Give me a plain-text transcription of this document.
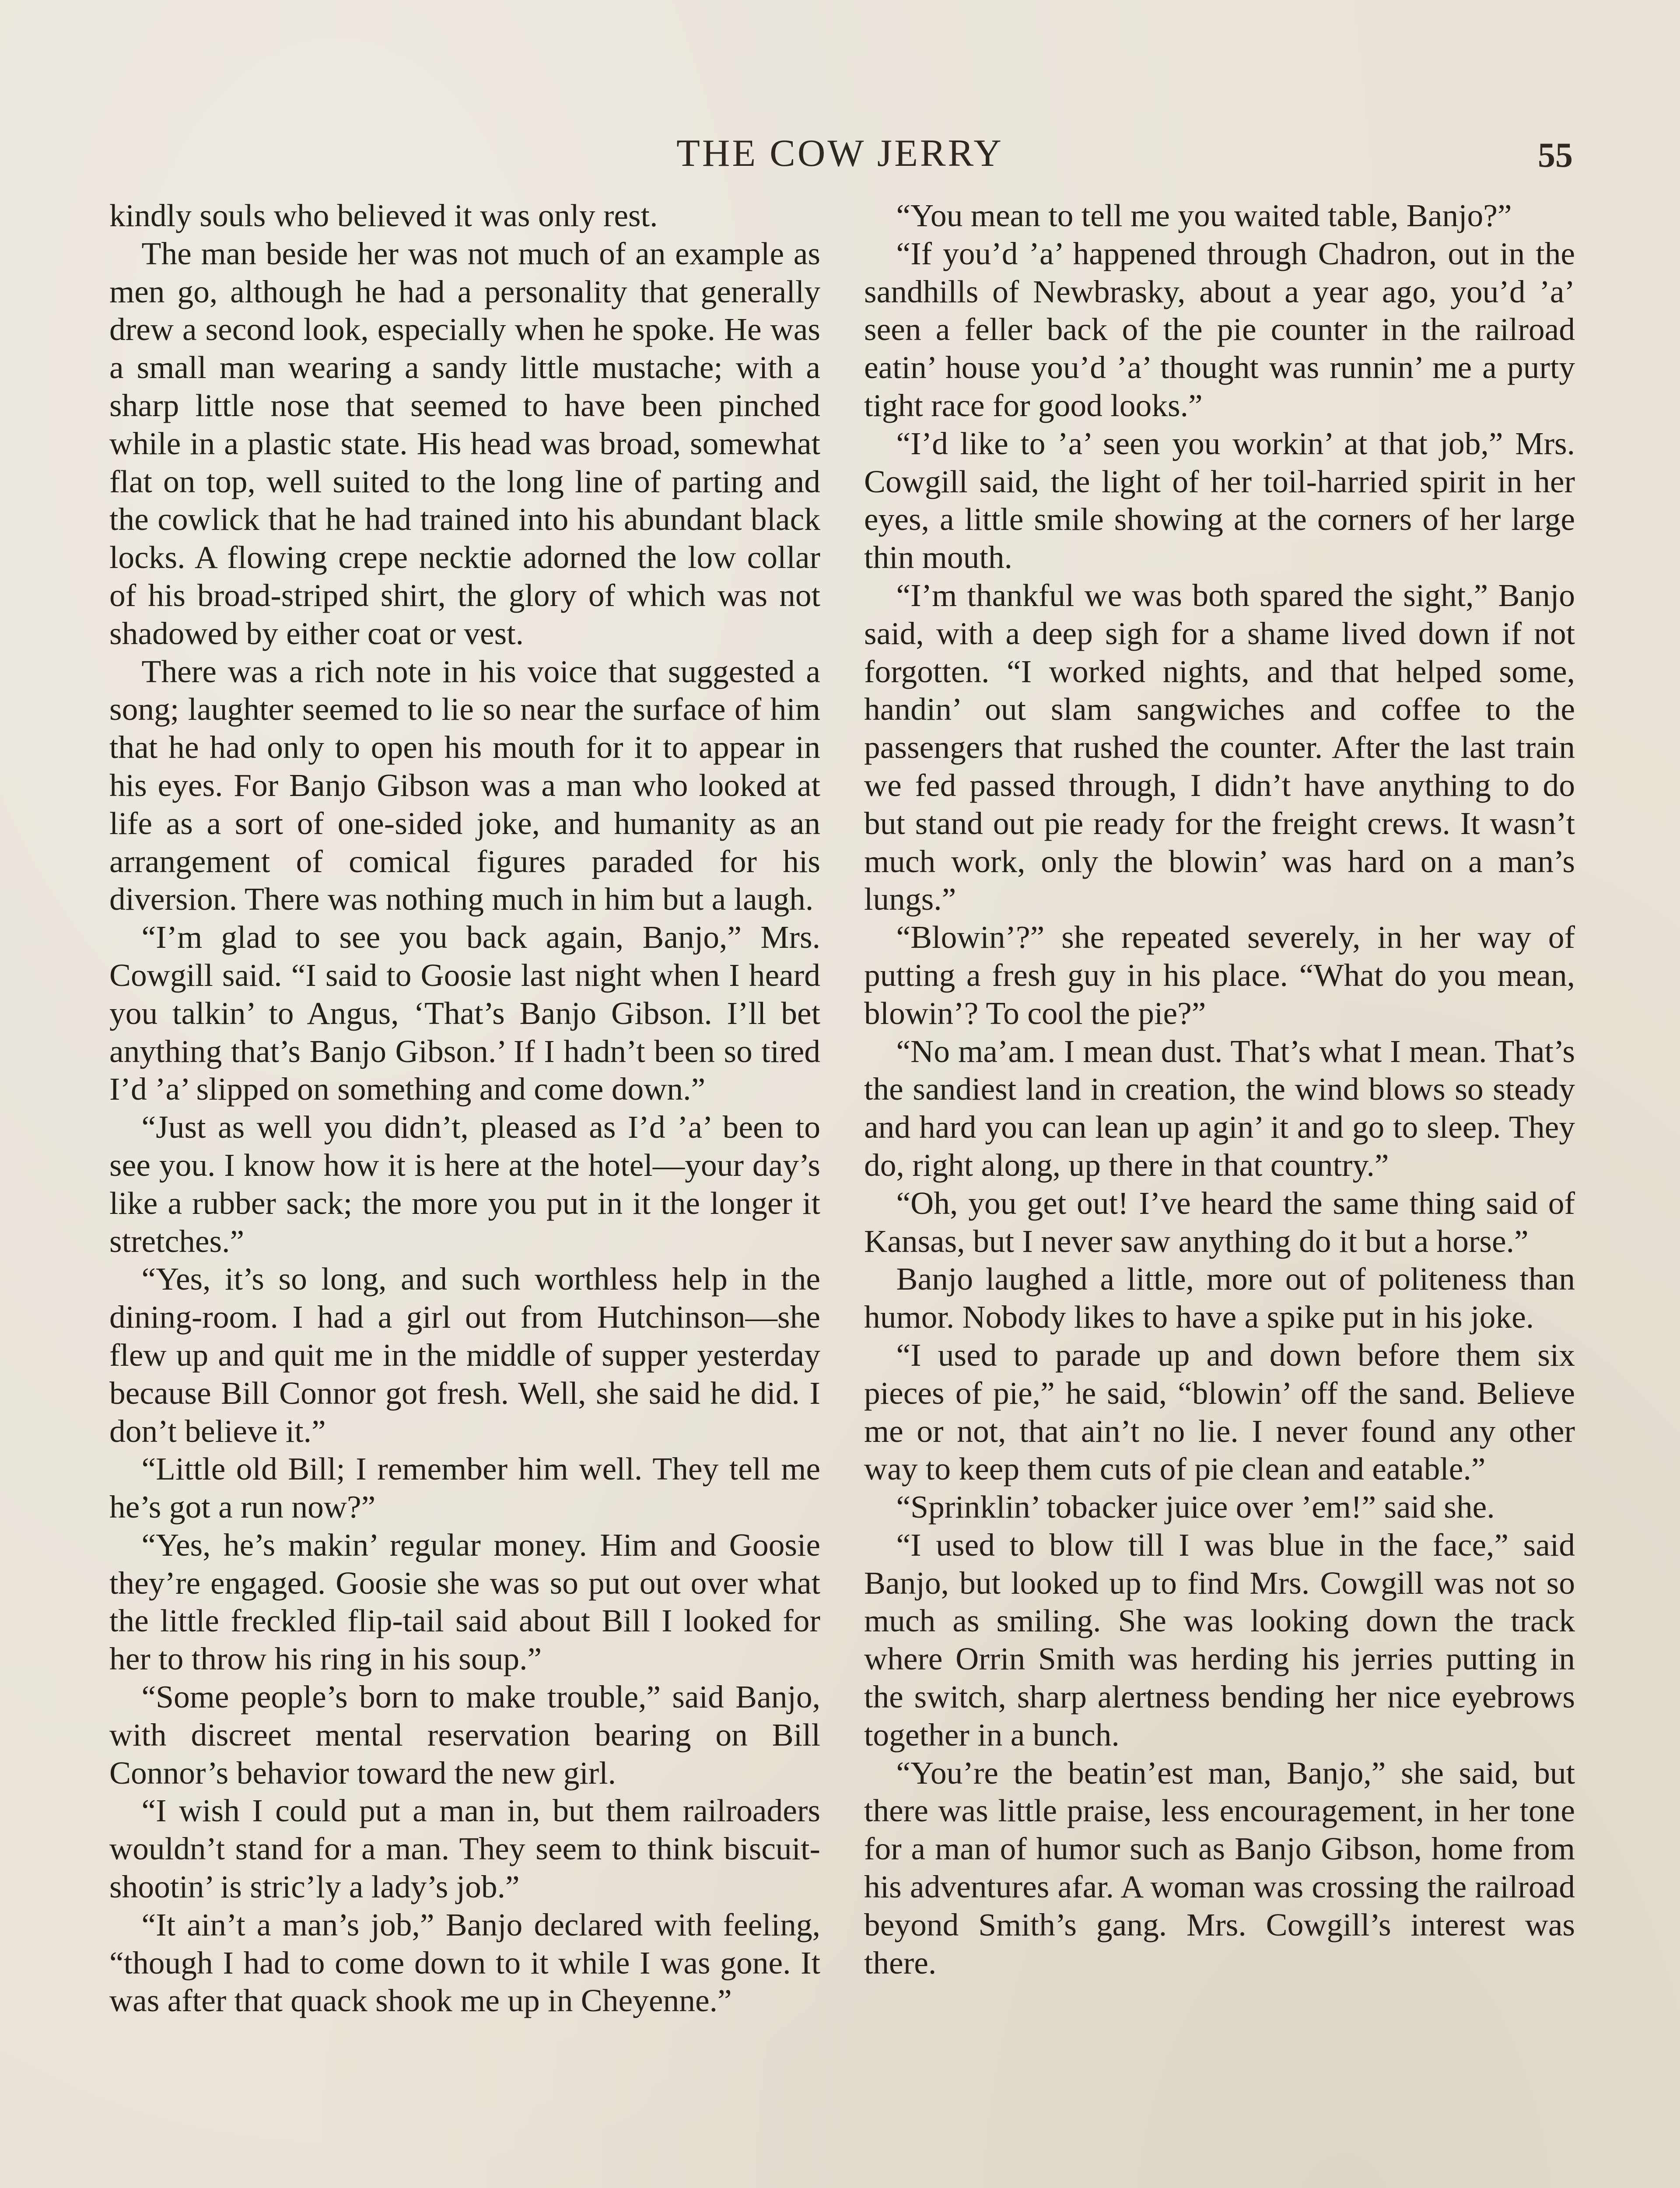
THE COW JERRY	55

kindly souls who believed it was only rest.

The man beside her was not much of an example as men go, although he had a personality that generally drew a second look, especially when he spoke. He was a small man wearing a sandy little mustache; with a sharp little nose that seemed to have been pinched while in a plastic state. His head was broad, somewhat flat on top, well suited to the long line of parting and the cowlick that he had trained into his abundant black locks. A flowing crepe necktie adorned the low collar of his broad-striped shirt, the glory of which was not shadowed by either coat or vest.

There was a rich note in his voice that suggested a song; laughter seemed to lie so near the surface of him that he had only to open his mouth for it to appear in his eyes. For Banjo Gibson was a man who looked at life as a sort of one-sided joke, and humanity as an arrangement of comical figures paraded for his diversion. There was nothing much in him but a laugh.

“I’m glad to see you back again, Banjo,” Mrs. Cowgill said. “I said to Goosie last night when I heard you talkin’ to Angus, ‘That’s Banjo Gibson. I’ll bet anything that’s Banjo Gibson.’ If I hadn’t been so tired I’d ’a’ slipped on something and come down.”

“Just as well you didn’t, pleased as I’d ’a’ been to see you. I know how it is here at the hotel—your day’s like a rubber sack; the more you put in it the longer it stretches.”

“Yes, it’s so long, and such worthless help in the dining-room. I had a girl out from Hutchinson—she flew up and quit me in the middle of supper yesterday because Bill Connor got fresh. Well, she said he did. I don’t believe it.”

“Little old Bill; I remember him well. They tell me he’s got a run now?”

“Yes, he’s makin’ regular money. Him and Goosie they’re engaged. Goosie she was so put out over what the little freckled flip-tail said about Bill I looked for her to throw his ring in his soup.”

“Some people’s born to make trouble,” said Banjo, with discreet mental reservation bearing on Bill Connor’s behavior toward the new girl.

“I wish I could put a man in, but them railroaders wouldn’t stand for a man. They seem to think biscuit-shootin’ is stric’ly a lady’s job.”

“It ain’t a man’s job,” Banjo declared with feeling, “though I had to come down to it while I was gone. It was after that quack shook me up in Cheyenne.”

“You mean to tell me you waited table, Banjo?”

“If you’d ’a’ happened through Chadron, out in the sandhills of Newbrasky, about a year ago, you’d ’a’ seen a feller back of the pie counter in the railroad eatin’ house you’d ’a’ thought was runnin’ me a purty tight race for good looks.”

“I’d like to ’a’ seen you workin’ at that job,” Mrs. Cowgill said, the light of her toil-harried spirit in her eyes, a little smile showing at the corners of her large thin mouth.

“I’m thankful we was both spared the sight,” Banjo said, with a deep sigh for a shame lived down if not forgotten. “I worked nights, and that helped some, handin’ out slam sangwiches and coffee to the passengers that rushed the counter. After the last train we fed passed through, I didn’t have anything to do but stand out pie ready for the freight crews. It wasn’t much work, only the blowin’ was hard on a man’s lungs.”

“Blowin’?” she repeated severely, in her way of putting a fresh guy in his place. “What do you mean, blowin’? To cool the pie?”

“No ma’am. I mean dust. That’s what I mean. That’s the sandiest land in creation, the wind blows so steady and hard you can lean up agin’ it and go to sleep. They do, right along, up there in that country.”

“Oh, you get out! I’ve heard the same thing said of Kansas, but I never saw anything do it but a horse.”

Banjo laughed a little, more out of politeness than humor. Nobody likes to have a spike put in his joke.

“I used to parade up and down before them six pieces of pie,” he said, “blowin’ off the sand. Believe me or not, that ain’t no lie. I never found any other way to keep them cuts of pie clean and eatable.”

“Sprinklin’ tobacker juice over ’em!” said she.

“I used to blow till I was blue in the face,” said Banjo, but looked up to find Mrs. Cowgill was not so much as smiling. She was looking down the track where Orrin Smith was herding his jerries putting in the switch, sharp alertness bending her nice eyebrows together in a bunch.

“You’re the beatin’est man, Banjo,” she said, but there was little praise, less encouragement, in her tone for a man of humor such as Banjo Gibson, home from his adventures afar. A woman was crossing the railroad beyond Smith’s gang. Mrs. Cowgill’s interest was there.
